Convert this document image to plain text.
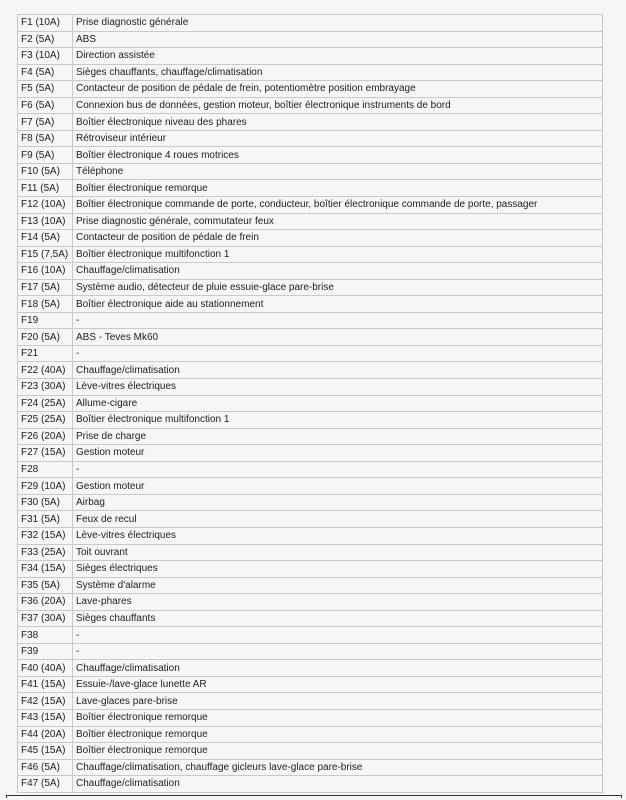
F1 (10A)	Prise diagnostic générale
F2 (5A)	ABS
F3 (10A)	Direction assistée
F4 (5A)	Sièges chauffants, chauffage/climatisation
F5 (5A)	Contacteur de position de pédale de frein, potentiomètre position embrayage
F6 (5A)	Connexion bus de données, gestion moteur, boîtier électronique instruments de bord
F7 (5A)	Boîtier électronique niveau des phares
F8 (5A)	Rétroviseur intérieur
F9 (5A)	Boîtier électronique 4 roues motrices
F10 (5A)	Téléphone
F11 (5A)	Boîtier électronique remorque
F12 (10A)	Boîtier électronique commande de porte, conducteur, boîtier électronique commande de porte, passager
F13 (10A)	Prise diagnostic générale, commutateur feux
F14 (5A)	Contacteur de position de pédale de frein
F15 (7,5A)	Boîtier électronique multifonction 1
F16 (10A)	Chauffage/climatisation
F17 (5A)	Système audio, détecteur de pluie essuie-glace pare-brise
F18 (5A)	Boîtier électronique aide au stationnement
F19	-
F20 (5A)	ABS - Teves Mk60
F21	-
F22 (40A)	Chauffage/climatisation
F23 (30A)	Lève-vitres électriques
F24 (25A)	Allume-cigare
F25 (25A)	Boîtier électronique multifonction 1
F26 (20A)	Prise de charge
F27 (15A)	Gestion moteur
F28	-
F29 (10A)	Gestion moteur
F30 (5A)	Airbag
F31 (5A)	Feux de recul
F32 (15A)	Lève-vitres électriques
F33 (25A)	Toit ouvrant
F34 (15A)	Sièges électriques
F35 (5A)	Système d'alarme
F36 (20A)	Lave-phares
F37 (30A)	Sièges chauffants
F38	-
F39	-
F40 (40A)	Chauffage/climatisation
F41 (15A)	Essuie-/lave-glace lunette AR
F42 (15A)	Lave-glaces pare-brise
F43 (15A)	Boîtier électronique remorque
F44 (20A)	Boîtier électronique remorque
F45 (15A)	Boîtier électronique remorque
F46 (5A)	Chauffage/climatisation, chauffage gicleurs lave-glace pare-brise
F47 (5A)	Chauffage/climatisation
